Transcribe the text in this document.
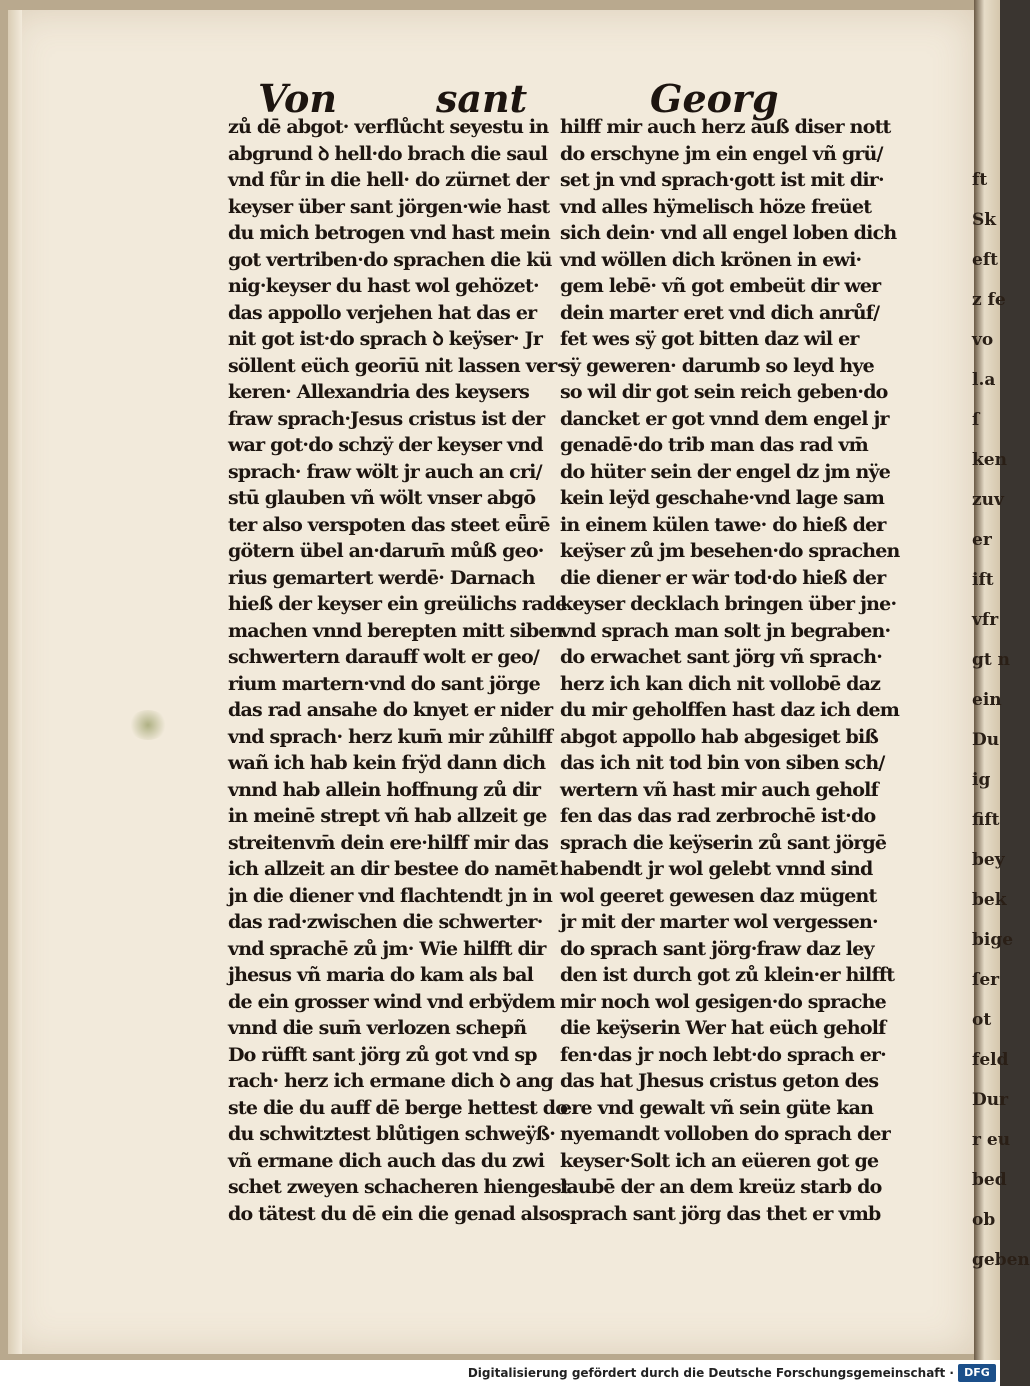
ft
Sk
eft
z fe
vo
l.a
ſ
ken
zuv
er
ift
vfr
gt n
ein
Du
ig
fift
bey
bek
bige
ſer
ot
feld
Dur
r eu
bed
ob
geben
Von	sant	Georg
zů dē abgot· verflůcht seyestu in
abgrund ꝺ hell·do brach die saul
vnd fůr in die hell· do zürnet der
keyser über sant jörgen·wie hast
du mich betrogen vnd hast mein
got vertriben·do sprachen die kü
nig·keyser du hast wol gehözet·
das appollo verjehen hat das er
nit got ist·do sprach ꝺ keÿser· Jr
söllent eüch georīū nit lassen ver·
keren· Allexandria des keysers
fraw sprach·Jesus cristus ist der
war got·do schzÿ der keyser vnd
sprach· fraw wölt jr auch an cri/
stū glauben vñ wölt vnser abgō
ter also verspoten das steet eǖrē
götern übel an·darum̄ můß geo·
rius gemartert werdē· Darnach
hieß der keyser ein greülichs rade
machen vnnd berepten mitt siben
schwertern darauff wolt er geo/
rium martern·vnd do sant jörge
das rad ansahe do knyet er nider
vnd sprach· herz kum̄ mir zůhilff
wañ ich hab kein frÿd dann dich
vnnd hab allein hoffnung zů dir
in meinē strept vñ hab allzeit ge
streitenvm̄ dein ere·hilff mir das
ich allzeit an dir bestee do namēt
jn die diener vnd flachtendt jn in
das rad·zwischen die schwerter·
vnd sprachē zů jm· Wie hilfft dir
jhesus vñ maria do kam als bal
de ein grosser wind vnd erbÿdem
vnnd die sum̄ verlozen schepñ
Do rüfft sant jörg zů got vnd sp
rach· herz ich ermane dich ꝺ ang
ste die du auff dē berge hettest do
du schwitztest blůtigen schweÿß·
vñ ermane dich auch das du zwi
schet zweyen schacheren hiengest
do tätest du dē ein die genad also
hilff mir auch herz auß diser nott
do erschyne jm ein engel vñ grü/
set jn vnd sprach·gott ist mit dir·
vnd alles hÿmelisch höze freüet
sich dein· vnd all engel loben dich
vnd wöllen dich krönen in ewi·
gem lebē· vñ got embeüt dir wer
dein marter eret vnd dich anrůf/
fet wes sÿ got bitten daz wil er
sÿ geweren· darumb so leyd hye
so wil dir got sein reich geben·do
dancket er got vnnd dem engel jr
genadē·do trib man das rad vm̄
do hüter sein der engel dz jm nÿe
kein leÿd geschahe·vnd lage sam
in einem külen tawe· do hieß der
keÿser zů jm besehen·do sprachen
die diener er wär tod·do hieß der
keyser decklach bringen über jne·
vnd sprach man solt jn begraben·
do erwachet sant jörg vñ sprach·
herz ich kan dich nit vollobē daz
du mir geholffen hast daz ich dem
abgot appollo hab abgesiget biß
das ich nit tod bin von siben sch/
wertern vñ hast mir auch geholf
fen das das rad zerbrochē ist·do
sprach die keÿserin zů sant jörgē
habendt jr wol gelebt vnnd sind
wol geeret gewesen daz mügent
jr mit der marter wol vergessen·
do sprach sant jörg·fraw daz ley
den ist durch got zů klein·er hilfft
mir noch wol gesigen·do sprache
die keÿserin Wer hat eüch geholf
fen·das jr noch lebt·do sprach er·
das hat Jhesus cristus geton des
ere vnd gewalt vñ sein güte kan
nyemandt volloben do sprach der
keyser·Solt ich an eüeren got ge
laubē der an dem kreüz starb do
sprach sant jörg das thet er vmb
Digitalisierung gefördert durch die Deutsche Forschungsgemeinschaft · DFG
